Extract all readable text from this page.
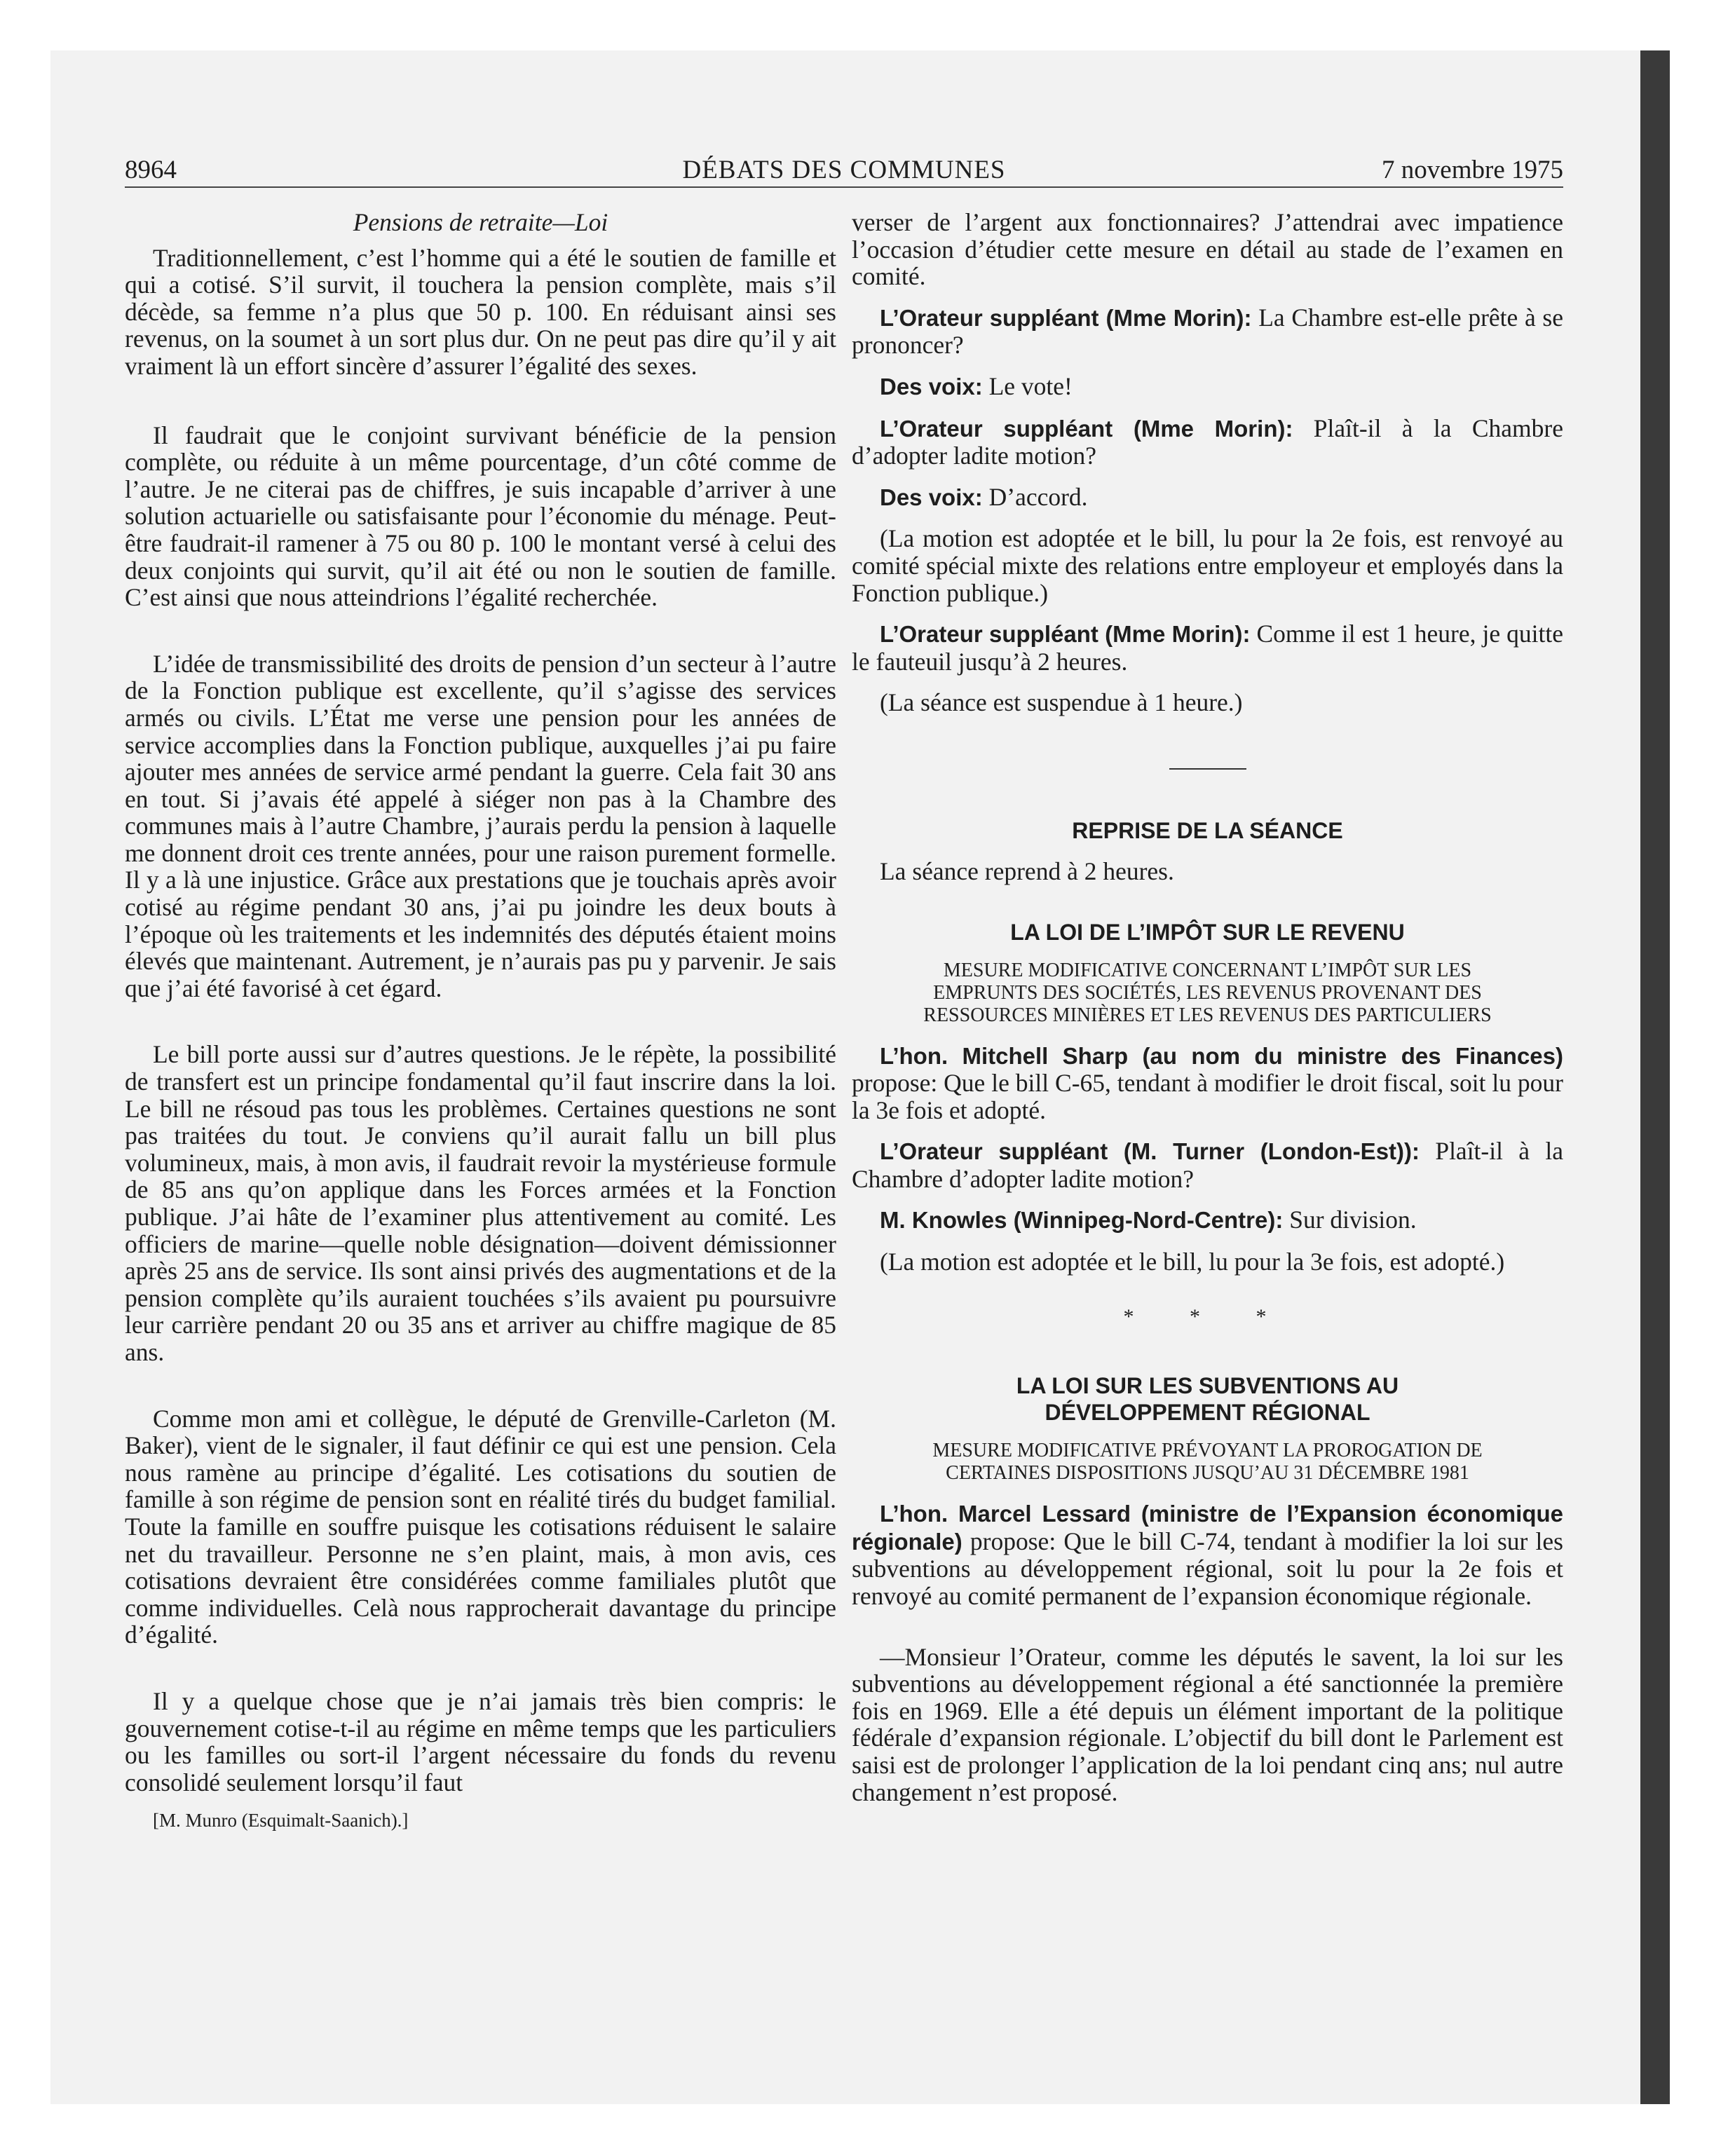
8964	DÉBATS DES COMMUNES	7 novembre 1975
Pensions de retraite—Loi

Traditionnellement, c’est l’homme qui a été le soutien de famille et qui a cotisé. S’il survit, il touchera la pension complète, mais s’il décède, sa femme n’a plus que 50 p. 100. En réduisant ainsi ses revenus, on la soumet à un sort plus dur. On ne peut pas dire qu’il y ait vraiment là un effort sincère d’assurer l’égalité des sexes.

Il faudrait que le conjoint survivant bénéficie de la pension complète, ou réduite à un même pourcentage, d’un côté comme de l’autre. Je ne citerai pas de chiffres, je suis incapable d’arriver à une solution actuarielle ou satisfaisante pour l’économie du ménage. Peut-être faudrait-il ramener à 75 ou 80 p. 100 le montant versé à celui des deux conjoints qui survit, qu’il ait été ou non le soutien de famille. C’est ainsi que nous atteindrions l’égalité recherchée.

L’idée de transmissibilité des droits de pension d’un secteur à l’autre de la Fonction publique est excellente, qu’il s’agisse des services armés ou civils. L’État me verse une pension pour les années de service accomplies dans la Fonction publique, auxquelles j’ai pu faire ajouter mes années de service armé pendant la guerre. Cela fait 30 ans en tout. Si j’avais été appelé à siéger non pas à la Chambre des communes mais à l’autre Chambre, j’aurais perdu la pension à laquelle me donnent droit ces trente années, pour une raison purement formelle. Il y a là une injustice. Grâce aux prestations que je touchais après avoir cotisé au régime pendant 30 ans, j’ai pu joindre les deux bouts à l’époque où les traitements et les indemnités des députés étaient moins élevés que maintenant. Autrement, je n’aurais pas pu y parvenir. Je sais que j’ai été favorisé à cet égard.

Le bill porte aussi sur d’autres questions. Je le répète, la possibilité de transfert est un principe fondamental qu’il faut inscrire dans la loi. Le bill ne résoud pas tous les problèmes. Certaines questions ne sont pas traitées du tout. Je conviens qu’il aurait fallu un bill plus volumineux, mais, à mon avis, il faudrait revoir la mystérieuse formule de 85 ans qu’on applique dans les Forces armées et la Fonction publique. J’ai hâte de l’examiner plus attentivement au comité. Les officiers de marine—quelle noble désignation—doivent démissionner après 25 ans de service. Ils sont ainsi privés des augmentations et de la pension complète qu’ils auraient touchées s’ils avaient pu poursuivre leur carrière pendant 20 ou 35 ans et arriver au chiffre magique de 85 ans.

Comme mon ami et collègue, le député de Grenville-Carleton (M. Baker), vient de le signaler, il faut définir ce qui est une pension. Cela nous ramène au principe d’égalité. Les cotisations du soutien de famille à son régime de pension sont en réalité tirés du budget familial. Toute la famille en souffre puisque les cotisations réduisent le salaire net du travailleur. Personne ne s’en plaint, mais, à mon avis, ces cotisations devraient être considérées comme familiales plutôt que comme individuelles. Celà nous rapprocherait davantage du principe d’égalité.

Il y a quelque chose que je n’ai jamais très bien compris: le gouvernement cotise-t-il au régime en même temps que les particuliers ou les familles ou sort-il l’argent nécessaire du fonds du revenu consolidé seulement lorsqu’il faut

[M. Munro (Esquimalt-Saanich).]

verser de l’argent aux fonctionnaires? J’attendrai avec impatience l’occasion d’étudier cette mesure en détail au stade de l’examen en comité.

L’Orateur suppléant (Mme Morin): La Chambre est-elle prête à se prononcer?

Des voix: Le vote!

L’Orateur suppléant (Mme Morin): Plaît-il à la Chambre d’adopter ladite motion?

Des voix: D’accord.

(La motion est adoptée et le bill, lu pour la 2e fois, est renvoyé au comité spécial mixte des relations entre employeur et employés dans la Fonction publique.)

L’Orateur suppléant (Mme Morin): Comme il est 1 heure, je quitte le fauteuil jusqu’à 2 heures.

(La séance est suspendue à 1 heure.)

REPRISE DE LA SÉANCE

La séance reprend à 2 heures.

LA LOI DE L’IMPÔT SUR LE REVENU
MESURE MODIFICATIVE CONCERNANT L’IMPÔT SUR LES
EMPRUNTS DES SOCIÉTÉS, LES REVENUS PROVENANT DES
RESSOURCES MINIÈRES ET LES REVENUS DES PARTICULIERS

L’hon. Mitchell Sharp (au nom du ministre des Finances) propose: Que le bill C-65, tendant à modifier le droit fiscal, soit lu pour la 3e fois et adopté.

L’Orateur suppléant (M. Turner (London-Est)): Plaît-il à la Chambre d’adopter ladite motion?

M. Knowles (Winnipeg-Nord-Centre): Sur division.

(La motion est adoptée et le bill, lu pour la 3e fois, est adopté.)

* * *
LA LOI SUR LES SUBVENTIONS AU
DÉVELOPPEMENT RÉGIONAL
MESURE MODIFICATIVE PRÉVOYANT LA PROROGATION DE
CERTAINES DISPOSITIONS JUSQU’AU 31 DÉCEMBRE 1981

L’hon. Marcel Lessard (ministre de l’Expansion économique régionale) propose: Que le bill C-74, tendant à modifier la loi sur les subventions au développement régional, soit lu pour la 2e fois et renvoyé au comité permanent de l’expansion économique régionale.

—Monsieur l’Orateur, comme les députés le savent, la loi sur les subventions au développement régional a été sanctionnée la première fois en 1969. Elle a été depuis un élément important de la politique fédérale d’expansion régionale. L’objectif du bill dont le Parlement est saisi est de prolonger l’application de la loi pendant cinq ans; nul autre changement n’est proposé.
